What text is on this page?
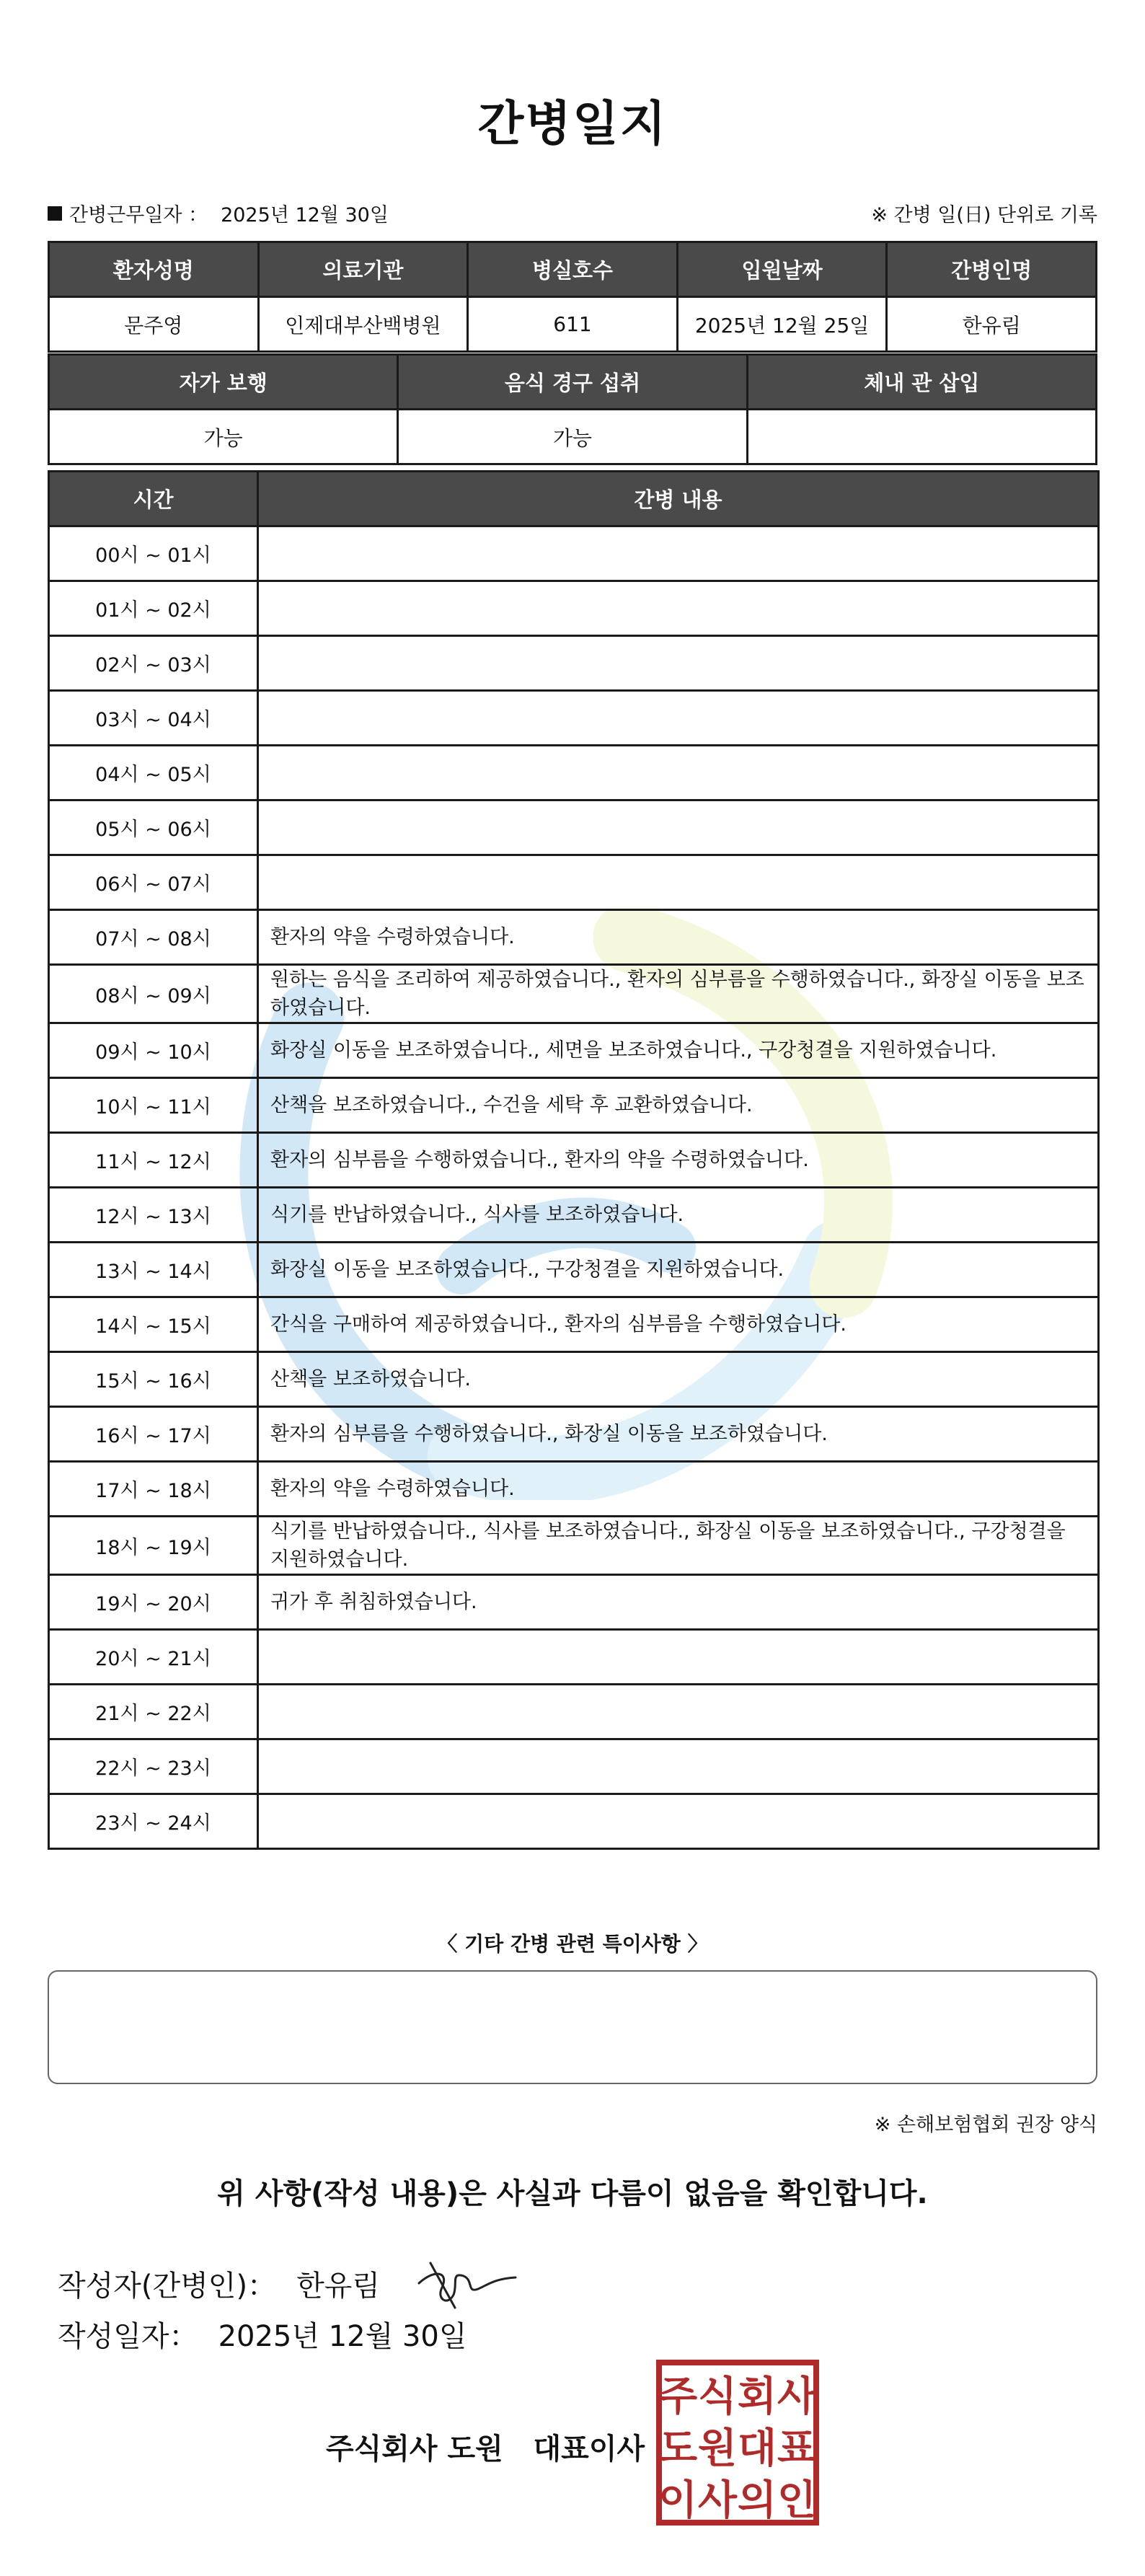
간병일지
간병근무일자 ： 2025년 12월 30일	※ 간병 일(日) 단위로 기록
환자성명	의료기관	병실호수	입원날짜	간병인명
문주영	인제대부산백병원	611	2025년 12월 25일	한유림
자가 보행	음식 경구 섭취	체내 관 삽입
가능	가능	
시간	간병 내용
00시 ~ 01시	
01시 ~ 02시	
02시 ~ 03시	
03시 ~ 04시	
04시 ~ 05시	
05시 ~ 06시	
06시 ~ 07시	
07시 ~ 08시	환자의 약을 수령하였습니다.
08시 ~ 09시	원하는 음식을 조리하여 제공하였습니다., 환자의 심부름을 수행하였습니다., 화장실 이동을 보조하였습니다.
09시 ~ 10시	화장실 이동을 보조하였습니다., 세면을 보조하였습니다., 구강청결을 지원하였습니다.
10시 ~ 11시	산책을 보조하였습니다., 수건을 세탁 후 교환하였습니다.
11시 ~ 12시	환자의 심부름을 수행하였습니다., 환자의 약을 수령하였습니다.
12시 ~ 13시	식기를 반납하였습니다., 식사를 보조하였습니다.
13시 ~ 14시	화장실 이동을 보조하였습니다., 구강청결을 지원하였습니다.
14시 ~ 15시	간식을 구매하여 제공하였습니다., 환자의 심부름을 수행하였습니다.
15시 ~ 16시	산책을 보조하였습니다.
16시 ~ 17시	환자의 심부름을 수행하였습니다., 화장실 이동을 보조하였습니다.
17시 ~ 18시	환자의 약을 수령하였습니다.
18시 ~ 19시	식기를 반납하였습니다., 식사를 보조하였습니다., 화장실 이동을 보조하였습니다., 구강청결을 지원하였습니다.
19시 ~ 20시	귀가 후 취침하였습니다.
20시 ~ 21시	
21시 ~ 22시	
22시 ~ 23시	
23시 ~ 24시	
〈 기타 간병 관련 특이사항 〉
※ 손해보험협회 권장 양식
위 사항(작성 내용)은 사실과 다름이 없음을 확인합니다.
작성자(간병인)： 한유림
작성일자： 2025년 12월 30일
주식회사 도원   대표이사
주 식 회 사
도 원 대 표
이 사 의 인
